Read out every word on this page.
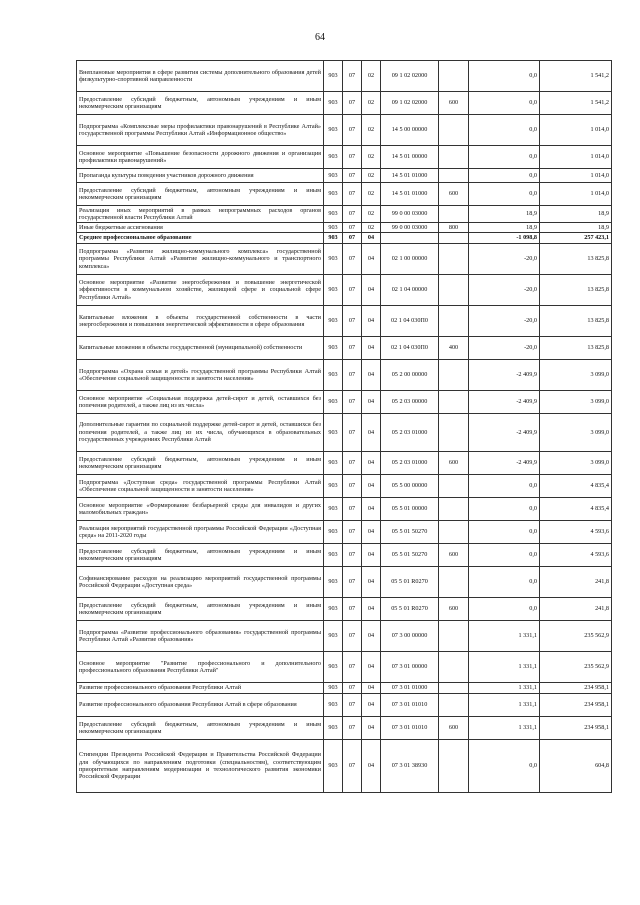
64
Внеплановые мероприятия в сфере развития системы дополнительного образования детей физкультурно-спортивной направленности	903	07	02	09 1 02 02000		0,0	1 541,2
Предоставление субсидий бюджетным, автономным учреждениям и иным некоммерческим организациям	903	07	02	09 1 02 02000	600	0,0	1 541,2
Подпрограмма «Комплексные меры профилактики правонарушений в Республике Алтай» государственной программы Республики Алтай «Информационное общество»	903	07	02	14 5 00 00000		0,0	1 014,0
Основное мероприятие «Повышение безопасности дорожного движения и организация профилактики правонарушений»	903	07	02	14 5 01 00000		0,0	1 014,0
Пропаганда культуры поведения участников дорожного движения	903	07	02	14 5 01 01000		0,0	1 014,0
Предоставление субсидий бюджетным, автономным учреждениям и иным некоммерческим организациям	903	07	02	14 5 01 01000	600	0,0	1 014,0
Реализация иных мероприятий в рамках непрограммных расходов органов государственной власти Республики Алтай	903	07	02	99 0 00 03000		18,9	18,9
Иные бюджетные ассигнования	903	07	02	99 0 00 03000	800	18,9	18,9
Среднее профессиональное образование	903	07	04			-1 098,8	257 423,1
Подпрограмма «Развитие жилищно-коммунального комплекса» государственной программы Республики Алтай «Развитие жилищно-коммунального и транспортного комплекса»	903	07	04	02 1 00 00000		-20,0	13 825,8
Основное мероприятие «Развитие энергосбережения и повышение энергетической эффективности в коммунальном хозяйстве, жилищной сфере и социальной сфере Республики Алтай»	903	07	04	02 1 04 00000		-20,0	13 825,8
Капитальные вложения в объекты государственной собственности в части энергосбережения и повышения энергетической эффективности в сфере образования	903	07	04	02 1 04 030П0		-20,0	13 825,8
Капитальные вложения в объекты государственной (муниципальной) собственности	903	07	04	02 1 04 030П0	400	-20,0	13 825,8
Подпрограмма «Охрана семьи и детей» государственной программы Республики Алтай «Обеспечение социальной защищенности и занятости населения»	903	07	04	05 2 00 00000		-2 409,9	3 099,0
Основное мероприятие «Социальная поддержка детей-сирот и детей, оставшихся без попечения родителей, а также лиц из их числа»	903	07	04	05 2 03 00000		-2 409,9	3 099,0
Дополнительные гарантии по социальной поддержке детей-сирот и детей, оставшихся без попечения родителей, а также лиц из их числа, обучающихся в образовательных государственных учреждениях Республики Алтай	903	07	04	05 2 03 01000		-2 409,9	3 099,0
Предоставление субсидий бюджетным, автономным учреждениям и иным некоммерческим организациям	903	07	04	05 2 03 01000	600	-2 409,9	3 099,0
Подпрограмма «Доступная среда» государственной программы Республики Алтай «Обеспечение социальной защищенности и занятости населения»	903	07	04	05 5 00 00000		0,0	4 835,4
Основное мероприятие «Формирование безбарьерной среды для инвалидов и других маломобильных граждан»	903	07	04	05 5 01 00000		0,0	4 835,4
Реализация мероприятий государственной программы Российской Федерации «Доступная среда» на 2011-2020 годы	903	07	04	05 5 01 50270		0,0	4 593,6
Предоставление субсидий бюджетным, автономным учреждениям и иным некоммерческим организациям	903	07	04	05 5 01 50270	600	0,0	4 593,6
Софинансирование расходов на реализацию мероприятий государственной программы Российской Федерации «Доступная среда»	903	07	04	05 5 01 R0270		0,0	241,8
Предоставление субсидий бюджетным, автономным учреждениям и иным некоммерческим организациям	903	07	04	05 5 01 R0270	600	0,0	241,8
Подпрограмма «Развитие профессионального образования» государственной программы Республики Алтай «Развитие образования»	903	07	04	07 3 00 00000		1 331,1	235 562,9
Основное мероприятие "Развитие профессионального и дополнительного профессионального образования Республики Алтай"	903	07	04	07 3 01 00000		1 331,1	235 562,9
Развитие профессионального образования Республики Алтай	903	07	04	07 3 01 01000		1 331,1	234 958,1
Развитие профессионального образования Республики Алтай в сфере образования	903	07	04	07 3 01 01010		1 331,1	234 958,1
Предоставление субсидий бюджетным, автономным учреждениям и иным некоммерческим организациям	903	07	04	07 3 01 01010	600	1 331,1	234 958,1
Стипендии Президента Российской Федерации и Правительства Российской Федерации для обучающихся по направлениям подготовки (специальностям), соответствующим приоритетным направлениям модернизации и технологического развития экономики Российской Федерации	903	07	04	07 3 01 38930		0,0	604,8
